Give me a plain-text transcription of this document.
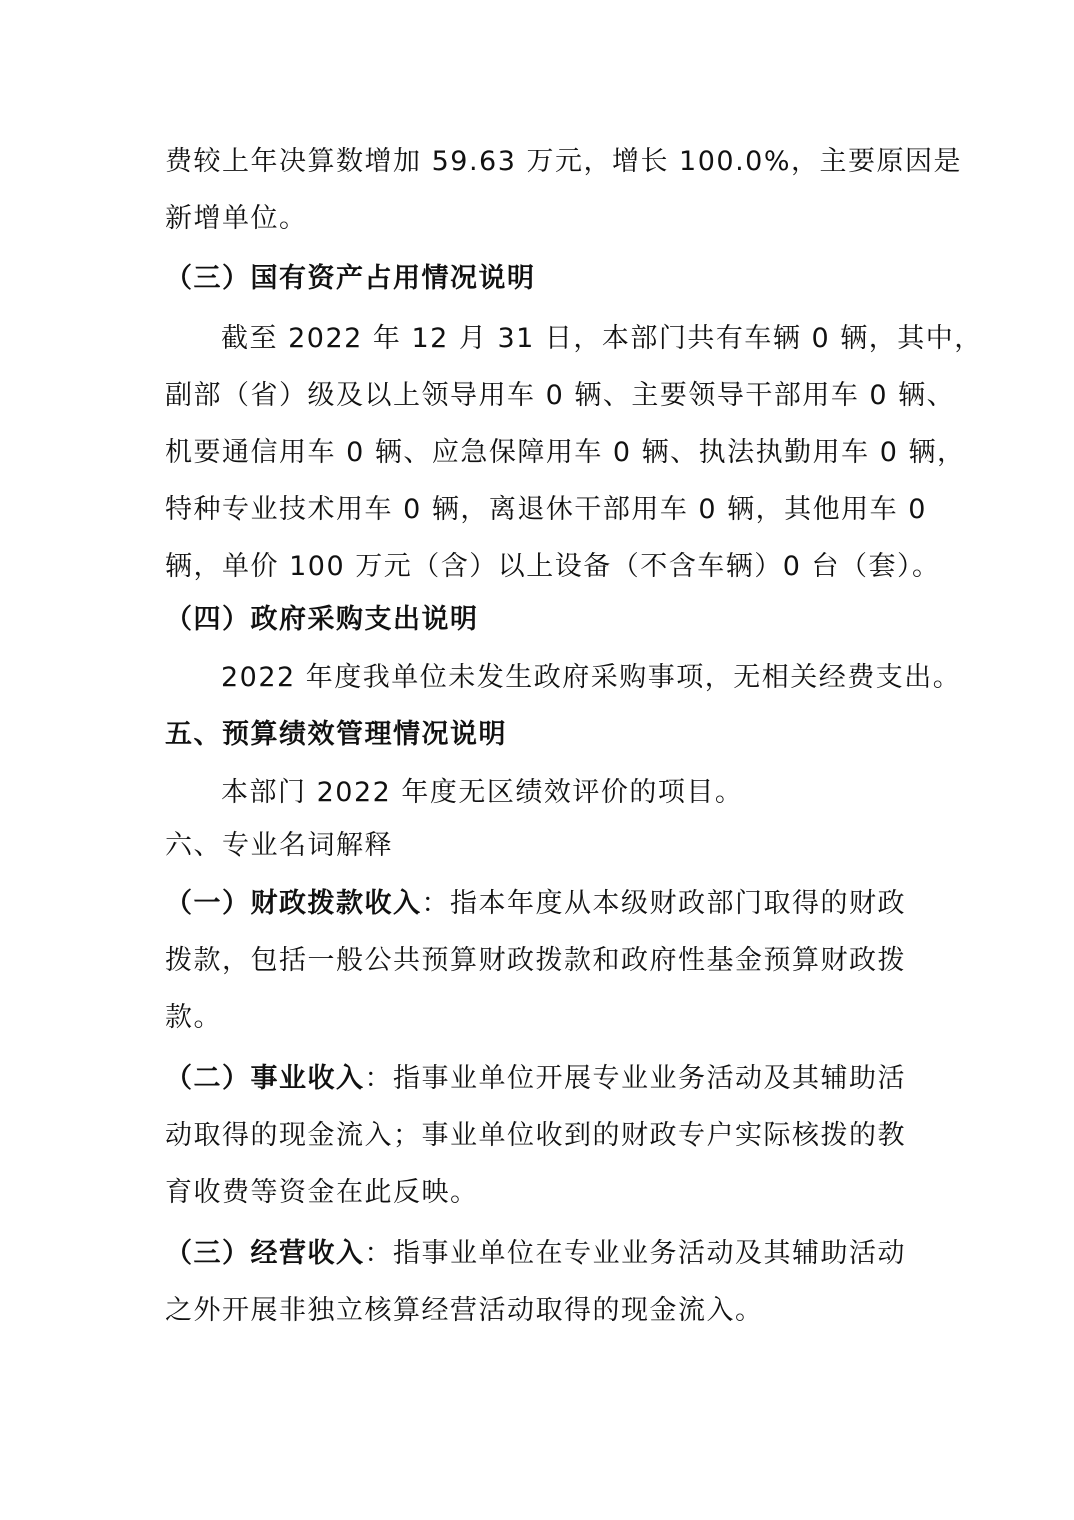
费较上年决算数增加 59.63 万元，增长 100.0%，主要原因是
新增单位。
（三）国有资产占用情况说明
截至 2022 年 12 月 31 日，本部门共有车辆 0 辆，其中，
副部（省）级及以上领导用车 0 辆、主要领导干部用车 0 辆、
机要通信用车 0 辆、应急保障用车 0 辆、执法执勤用车 0 辆，
特种专业技术用车 0 辆，离退休干部用车 0 辆，其他用车 0
辆，单价 100 万元（含）以上设备（不含车辆）0 台（套）。
（四）政府采购支出说明
2022 年度我单位未发生政府采购事项，无相关经费支出。
五、预算绩效管理情况说明
本部门 2022 年度无区绩效评价的项目。
六、专业名词解释
（一）财政拨款收入：指本年度从本级财政部门取得的财政
拨款，包括一般公共预算财政拨款和政府性基金预算财政拨
款。
（二）事业收入：指事业单位开展专业业务活动及其辅助活
动取得的现金流入；事业单位收到的财政专户实际核拨的教
育收费等资金在此反映。
（三）经营收入：指事业单位在专业业务活动及其辅助活动
之外开展非独立核算经营活动取得的现金流入。
